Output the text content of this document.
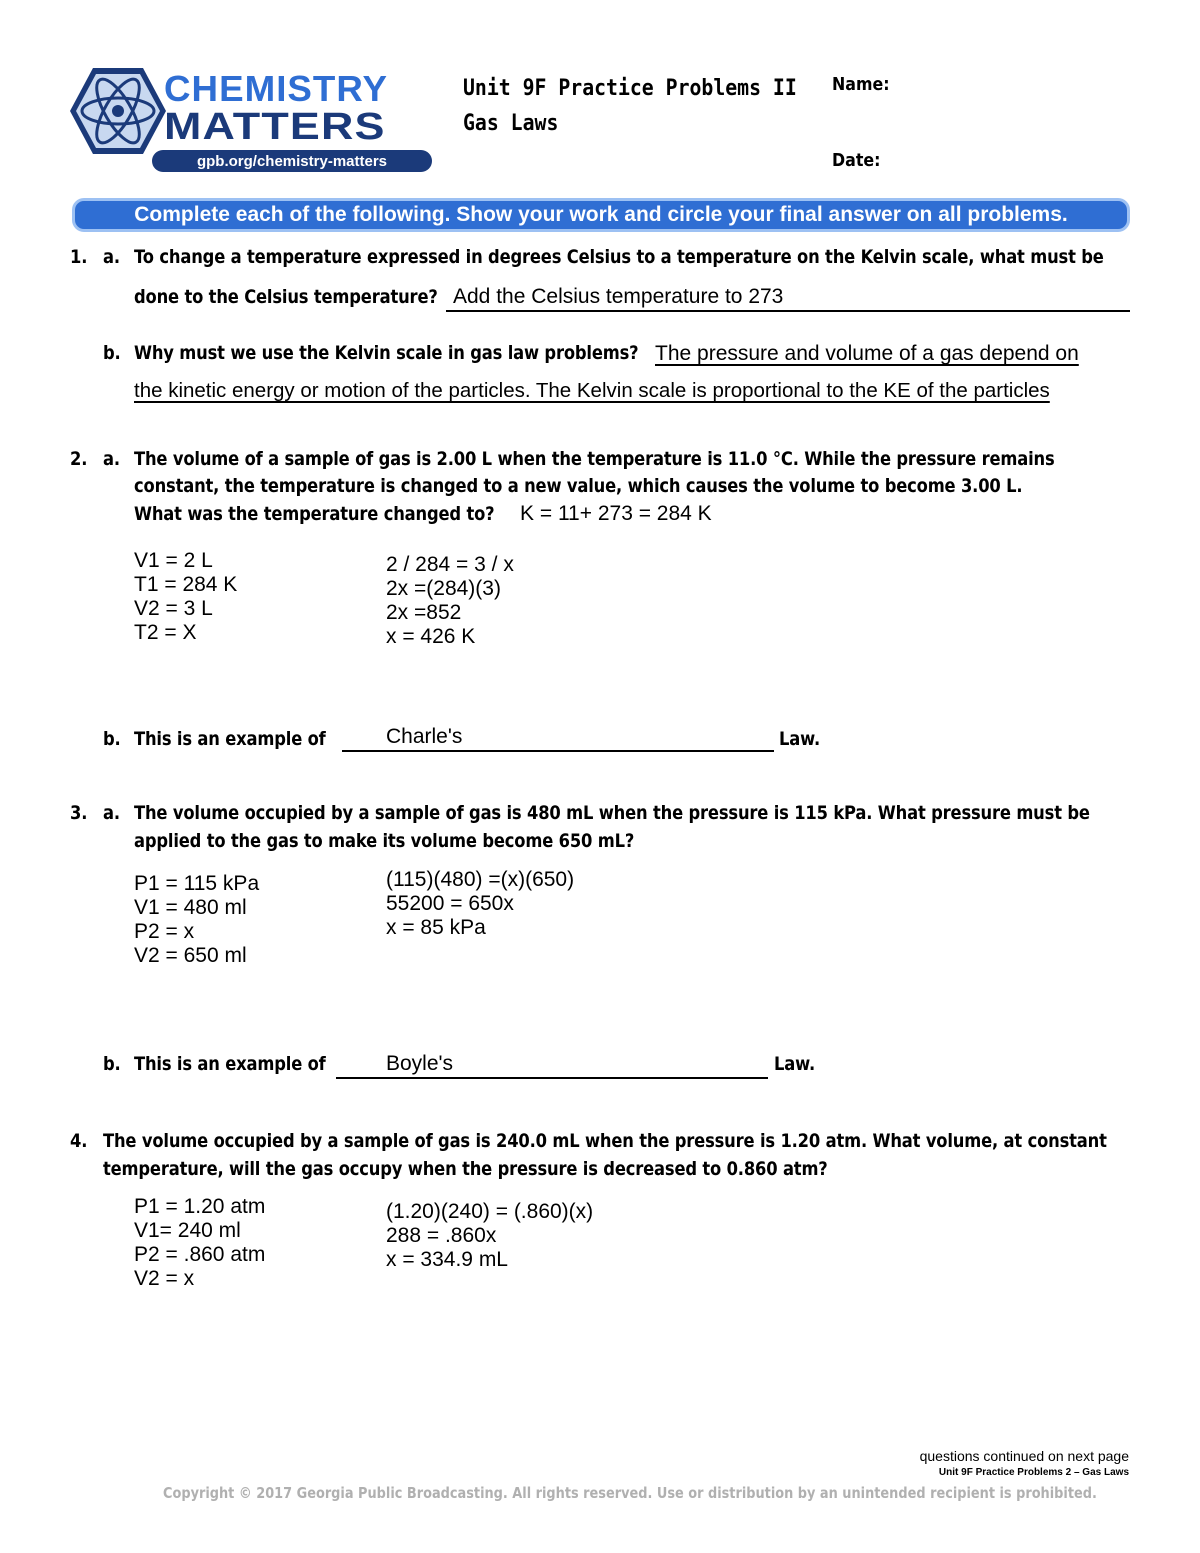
CHEMISTRY
MATTERS
gpb.org/chemistry-matters
Unit 9F Practice Problems II
Gas Laws
Name:
Date:
Complete each of the following. Show your work and circle your final answer on all problems.
1. a. To change a temperature expressed in degrees Celsius to a temperature on the Kelvin scale, what must be
done to the Celsius temperature? Add the Celsius temperature to 273
b. Why must we use the Kelvin scale in gas law problems? The pressure and volume of a gas depend on
the kinetic energy or motion of the particles. The Kelvin scale is proportional to the KE of the particles
2. a. The volume of a sample of gas is 2.00 L when the temperature is 11.0 °C. While the pressure remains
constant, the temperature is changed to a new value, which causes the volume to become 3.00 L.
What was the temperature changed to? K = 11+ 273 = 284 K
V1 = 2 L
T1 = 284 K
V2 = 3 L
T2 = X
2 / 284 = 3 / x
2x =(284)(3)
2x =852
x = 426 K
b. This is an example of	Charle's	Law.
3. a. The volume occupied by a sample of gas is 480 mL when the pressure is 115 kPa. What pressure must be
applied to the gas to make its volume become 650 mL?
P1 = 115 kPa
V1 = 480 ml
P2 = x
V2 = 650 ml
(115)(480) =(x)(650)
55200 = 650x
x = 85 kPa
b. This is an example of	Boyle's	Law.
4. The volume occupied by a sample of gas is 240.0 mL when the pressure is 1.20 atm. What volume, at constant
temperature, will the gas occupy when the pressure is decreased to 0.860 atm?
P1 = 1.20 atm
V1= 240 ml
P2 = .860 atm
V2 = x
(1.20)(240) = (.860)(x)
288 = .860x
x = 334.9 mL
questions continued on next page
Unit 9F Practice Problems 2 – Gas Laws
Copyright © 2017 Georgia Public Broadcasting. All rights reserved. Use or distribution by an unintended recipient is prohibited.
